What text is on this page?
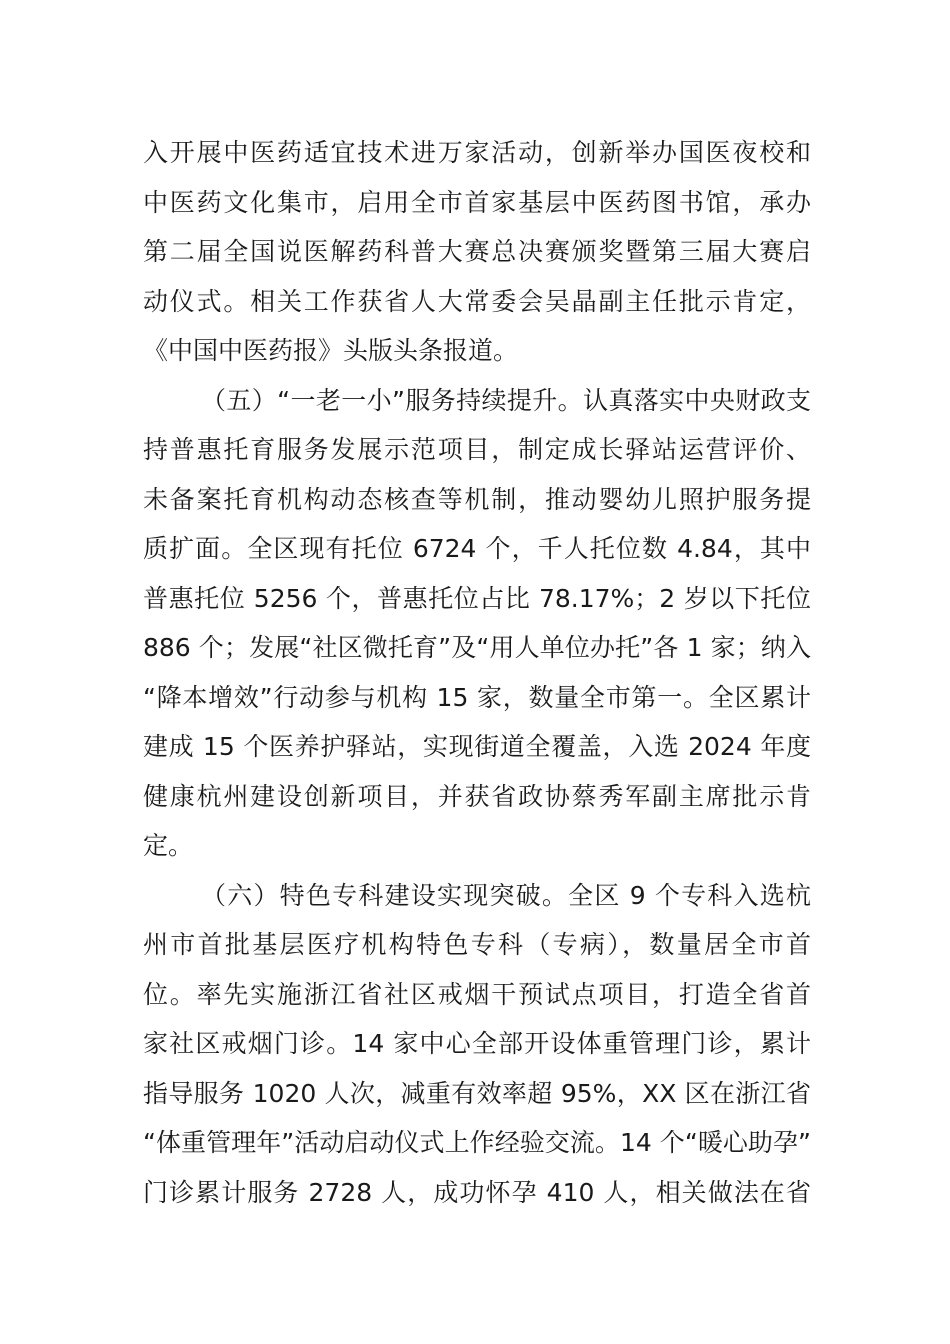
入开展中医药适宜技术进万家活动，创新举办国医夜校和
中医药文化集市，启用全市首家基层中医药图书馆，承办
第二届全国说医解药科普大赛总决赛颁奖暨第三届大赛启
动仪式。相关工作获省人大常委会吴晶副主任批示肯定，
《中国中医药报》头版头条报道。
（五）“一老一小”服务持续提升。认真落实中央财政支
持普惠托育服务发展示范项目，制定成长驿站运营评价、
未备案托育机构动态核查等机制，推动婴幼儿照护服务提
质扩面。全区现有托位 6724 个，千人托位数 4.84，其中
普惠托位 5256 个，普惠托位占比 78.17%；2 岁以下托位
886 个；发展“社区微托育”及“用人单位办托”各 1 家；纳入
“降本增效”行动参与机构 15 家，数量全市第一。全区累计
建成 15 个医养护驿站，实现街道全覆盖，入选 2024 年度
健康杭州建设创新项目，并获省政协蔡秀军副主席批示肯
定。
（六）特色专科建设实现突破。全区 9 个专科入选杭
州市首批基层医疗机构特色专科（专病），数量居全市首
位。率先实施浙江省社区戒烟干预试点项目，打造全省首
家社区戒烟门诊。14 家中心全部开设体重管理门诊，累计
指导服务 1020 人次，减重有效率超 95%，XX 区在浙江省
“体重管理年”活动启动仪式上作经验交流。14 个“暖心助孕”
门诊累计服务 2728 人，成功怀孕 410 人，相关做法在省
